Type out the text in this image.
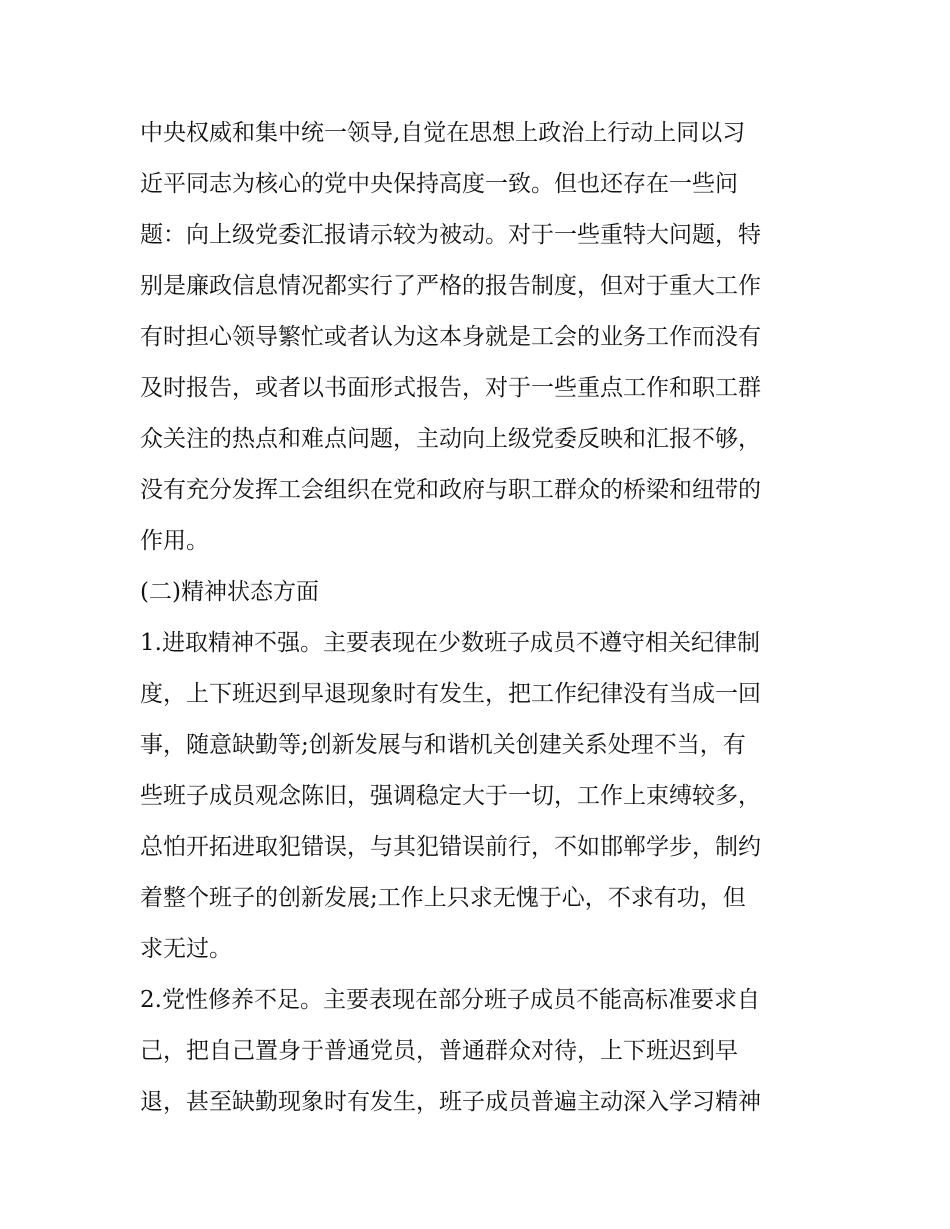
中央权威和集中统一领导,自觉在思想上政治上行动上同以习
近平同志为核心的党中央保持高度一致。但也还存在一些问
题：向上级党委汇报请示较为被动。对于一些重特大问题，特
别是廉政信息情况都实行了严格的报告制度，但对于重大工作
有时担心领导繁忙或者认为这本身就是工会的业务工作而没有
及时报告，或者以书面形式报告，对于一些重点工作和职工群
众关注的热点和难点问题，主动向上级党委反映和汇报不够，
没有充分发挥工会组织在党和政府与职工群众的桥梁和纽带的
作用。
(二)精神状态方面
1.进取精神不强。主要表现在少数班子成员不遵守相关纪律制
度，上下班迟到早退现象时有发生，把工作纪律没有当成一回
事，随意缺勤等;创新发展与和谐机关创建关系处理不当，有
些班子成员观念陈旧，强调稳定大于一切，工作上束缚较多，
总怕开拓进取犯错误，与其犯错误前行，不如邯郸学步，制约
着整个班子的创新发展;工作上只求无愧于心，不求有功，但
求无过。
2.党性修养不足。主要表现在部分班子成员不能高标准要求自
己，把自己置身于普通党员，普通群众对待，上下班迟到早
退，甚至缺勤现象时有发生，班子成员普遍主动深入学习精神
